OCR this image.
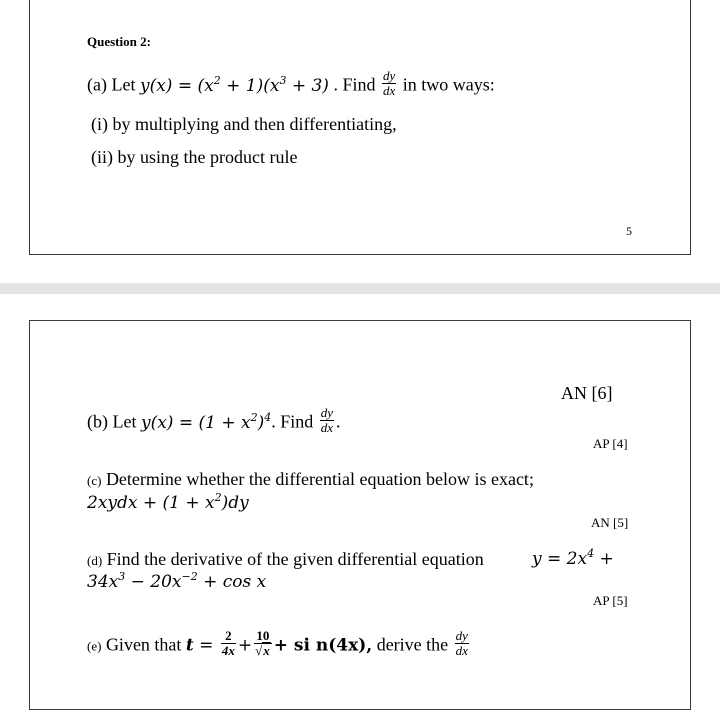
Question 2:
(a) Let $y(x) = (x^2 + 1)(x^3 + 3)$ . Find $\frac{dy}{dx}$ in two ways:
(i) by multiplying and then differentiating,
(ii) by using the product rule
5
AN [6]
(b) Let $y(x) = (1 + x^2)^4$. Find $\frac{dy}{dx}$ .
AP [4]
(c) Determine whether the differential equation below is exact;
2xydx + $(1 + x^2)dy$
AN [5]
(d) Find the derivative of the given differential equation	$y = 2x^4$ +
$34x^3 - 20x^{-2} + \cos x$
AP [5]
(e) Given that $t = \frac{2}{4x} + \frac{10}{√x}$ + si n(4x), derive the $\frac{dy}{dx}$
